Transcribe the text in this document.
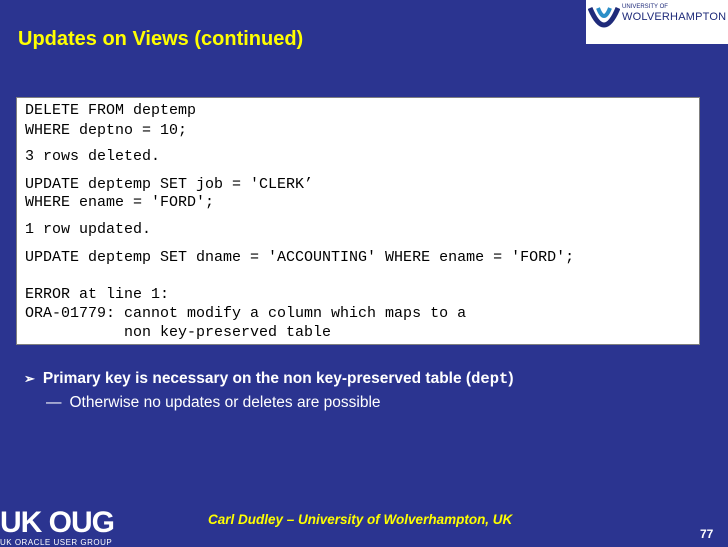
Updates on Views (continued)
UNIVERSITY OF
WOLVERHAMPTON
DELETE FROM deptemp
WHERE deptno = 10;
3 rows deleted.
UPDATE deptemp SET job = 'CLERK’
WHERE ename = 'FORD';
1 row updated.
UPDATE deptemp SET dname = 'ACCOUNTING' WHERE ename = 'FORD';
ERROR at line 1:
ORA-01779: cannot modify a column which maps to a
non key-preserved table
➢ Primary key is necessary on the non key-preserved table (dept)
— Otherwise no updates or deletes are possible
UK OUG
UK ORACLE USER GROUP
Carl Dudley – University of Wolverhampton, UK
77
